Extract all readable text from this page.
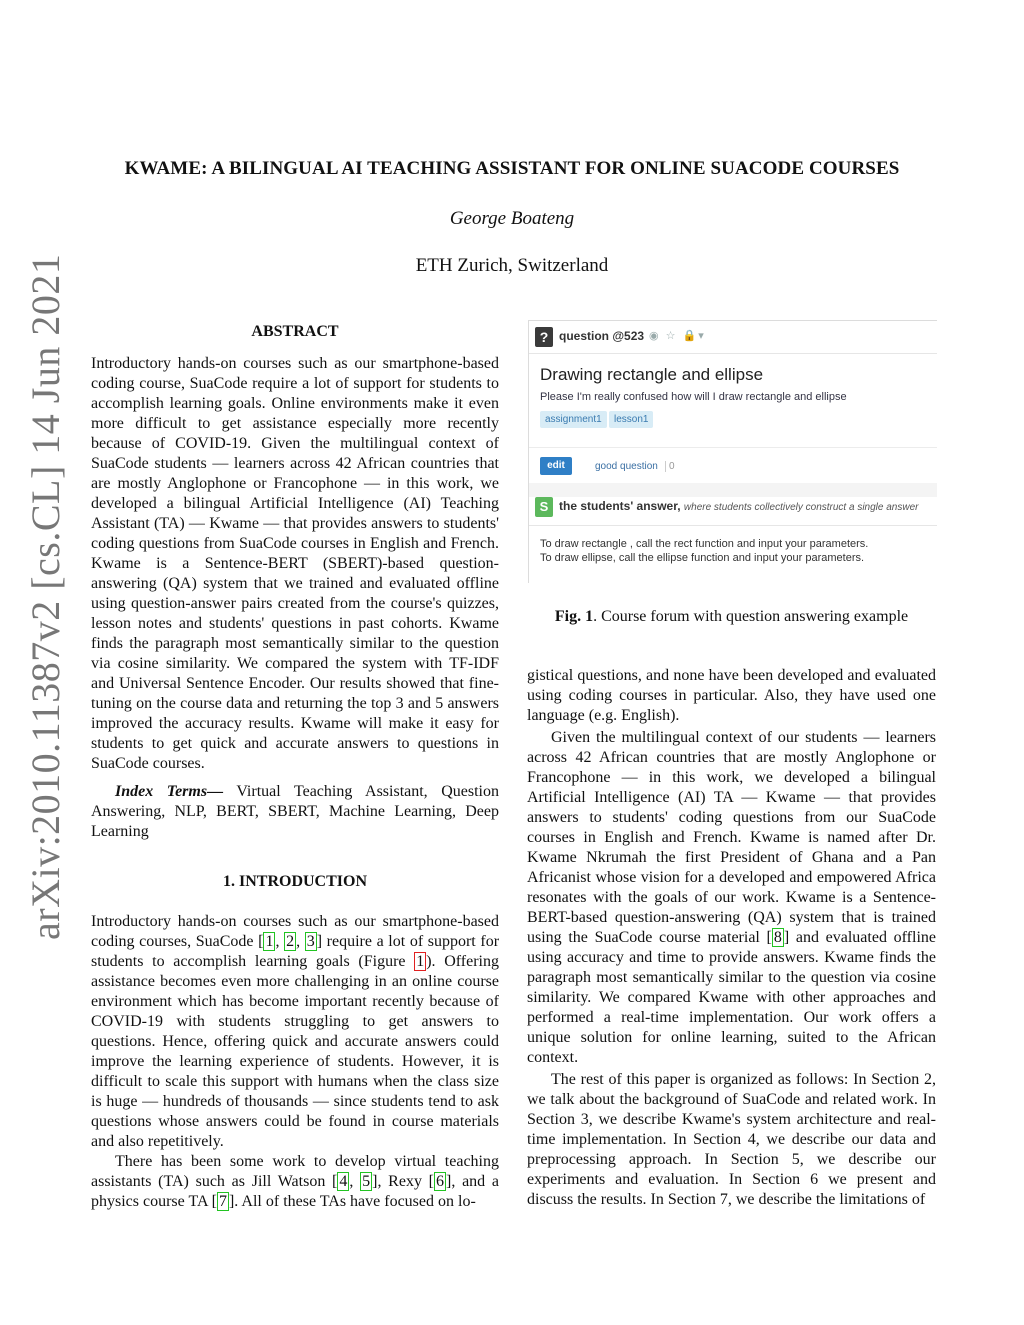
KWAME: A BILINGUAL AI TEACHING ASSISTANT FOR ONLINE SUACODE COURSES
George Boateng
ETH Zurich, Switzerland
arXiv:2010.11387v2 [cs.CL] 14 Jun 2021	ABSTRACT

Introductory hands-on courses such as our smartphone-based coding course, SuaCode require a lot of support for students to accomplish learning goals. Online environments make it even more difficult to get assistance especially more recently because of COVID-19. Given the multilingual context of SuaCode students — learners across 42 African countries that are mostly Anglophone or Francophone — in this work, we developed a bilingual Artificial Intelligence (AI) Teaching Assistant (TA) — Kwame — that provides answers to students' coding questions from SuaCode courses in English and French. Kwame is a Sentence-BERT (SBERT)-based question-answering (QA) system that we trained and evaluated offline using question-answer pairs created from the course's quizzes, lesson notes and students' questions in past cohorts. Kwame finds the paragraph most semantically similar to the question via cosine similarity. We compared the system with TF-IDF and Universal Sentence Encoder. Our results showed that fine-tuning on the course data and returning the top 3 and 5 answers improved the accuracy results. Kwame will make it easy for students to get quick and accurate answers to questions in SuaCode courses.

Index Terms— Virtual Teaching Assistant, Question Answering, NLP, BERT, SBERT, Machine Learning, Deep Learning

1. INTRODUCTION

Introductory hands-on courses such as our smartphone-based coding courses, SuaCode [ 1 , 2 , 3 ] require a lot of support for students to accomplish learning goals (Figure 1 ). Offering assistance becomes even more challenging in an online course environment which has become important recently because of COVID-19 with students struggling to get answers to questions. Hence, offering quick and accurate answers could improve the learning experience of students. However, it is difficult to scale this support with humans when the class size is huge — hundreds of thousands — since students tend to ask questions whose answers could be found in course materials and also repetitively.

There has been some work to develop virtual teaching assistants (TA) such as Jill Watson [ 4 , 5 ], Rexy [ 6 ], and a physics course TA [ 7 ]. All of these TAs have focused on lo-

? question @523 ◉ ☆ 🔒▾
Drawing rectangle and ellipse
Please I'm really confused how will I draw rectangle and ellipse
assignment1	lesson1
edit	good question	0
S the students' answer, where students collectively construct a single answer
To draw rectangle , call the rect function and input your parameters.
To draw ellipse, call the ellipse function and input your parameters.
Fig. 1. Course forum with question answering example

gistical questions, and none have been developed and evaluated using coding courses in particular. Also, they have used one language (e.g. English).

Given the multilingual context of our students — learners across 42 African countries that are mostly Anglophone or Francophone — in this work, we developed a bilingual Artificial Intelligence (AI) TA — Kwame — that provides answers to students' coding questions from our SuaCode courses in English and French. Kwame is named after Dr. Kwame Nkrumah the first President of Ghana and a Pan Africanist whose vision for a developed and empowered Africa resonates with the goals of our work. Kwame is a Sentence-BERT-based question-answering (QA) system that is trained using the SuaCode course material [ 8 ] and evaluated offline using accuracy and time to provide answers. Kwame finds the paragraph most semantically similar to the question via cosine similarity. We compared Kwame with other approaches and performed a real-time implementation. Our work offers a unique solution for online learning, suited to the African context.

The rest of this paper is organized as follows: In Section 2, we talk about the background of SuaCode and related work. In Section 3, we describe Kwame's system architecture and real-time implementation. In Section 4, we describe our data and preprocessing approach. In Section 5, we describe our experiments and evaluation. In Section 6 we present and discuss the results. In Section 7, we describe the limitations of
